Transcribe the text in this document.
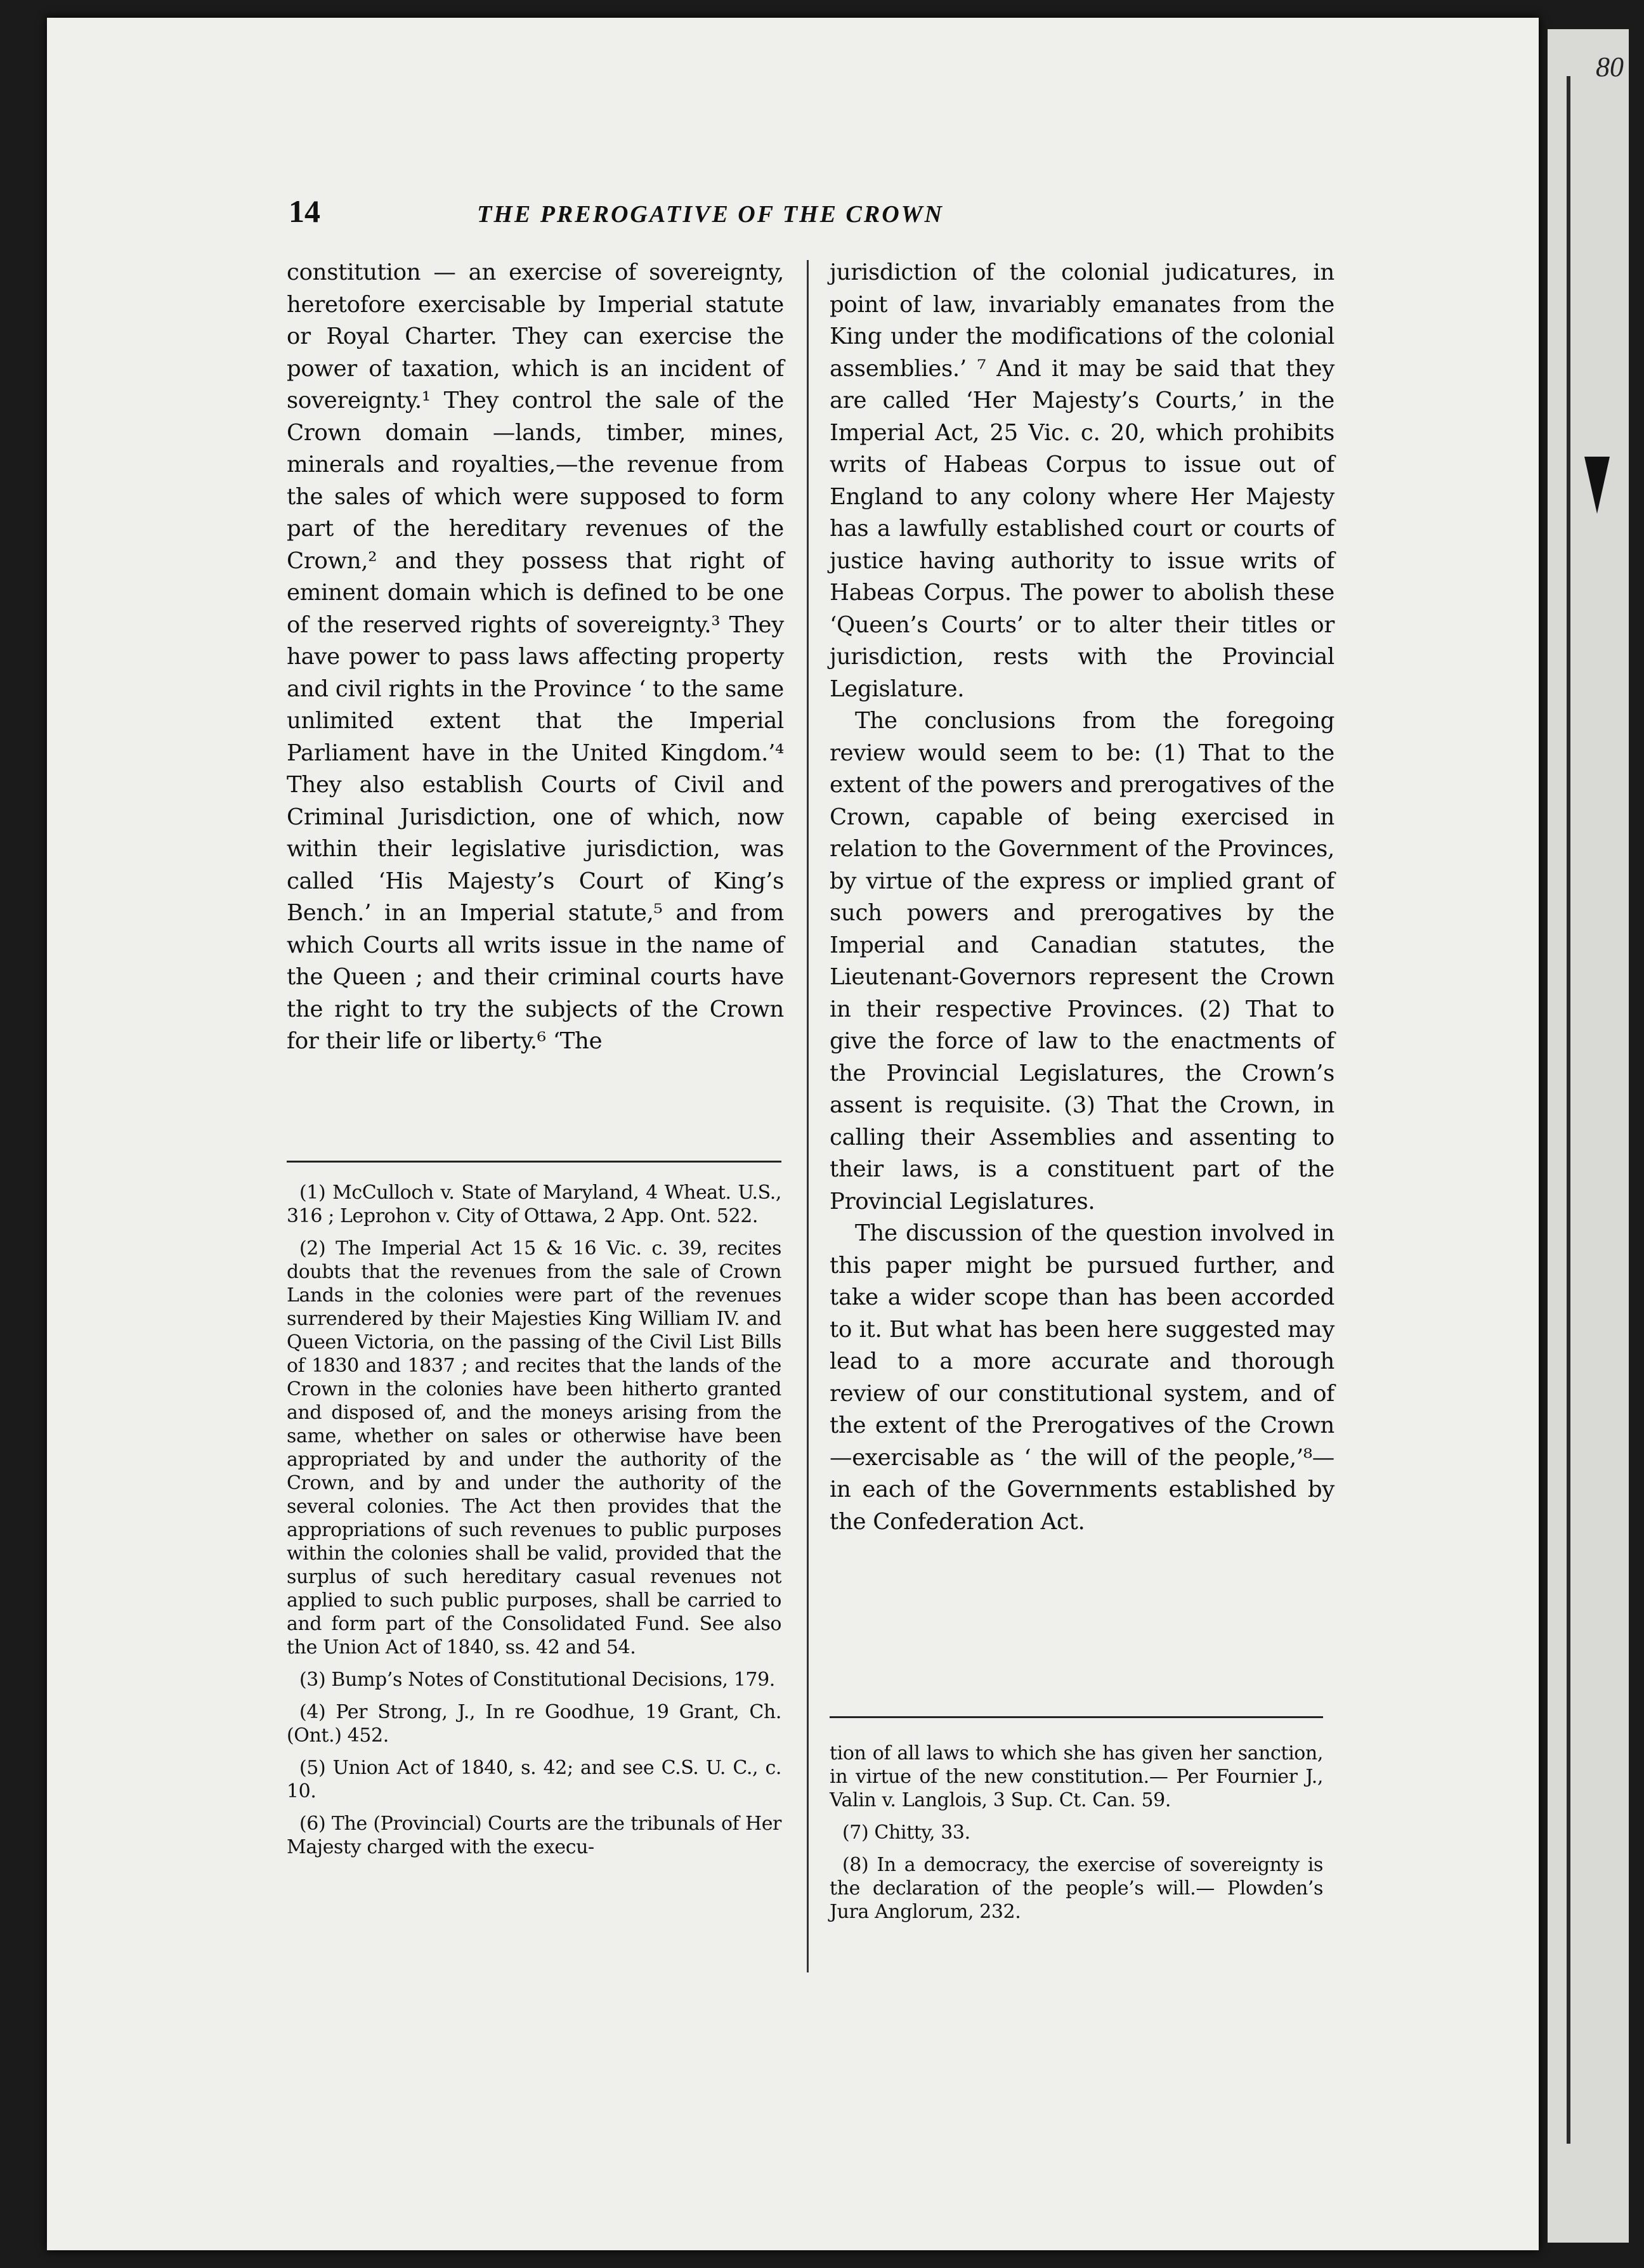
80
14	THE PREROGATIVE OF THE CROWN

constitution — an exercise of sovereignty, heretofore exercisable by Imperial statute or Royal Charter. They can exercise the power of taxation, which is an incident of sovereignty.¹ They control the sale of the Crown domain —lands, timber, mines, minerals and royalties,—the revenue from the sales of which were supposed to form part of the hereditary revenues of the Crown,² and they possess that right of eminent domain which is defined to be one of the reserved rights of sovereignty.³ They have power to pass laws affecting property and civil rights in the Province ‘ to the same unlimited extent that the Imperial Parliament have in the United Kingdom.’⁴ They also establish Courts of Civil and Criminal Jurisdiction, one of which, now within their legislative jurisdiction, was called ‘His Majesty’s Court of King’s Bench.’ in an Imperial statute,⁵ and from which Courts all writs issue in the name of the Queen ; and their criminal courts have the right to try the subjects of the Crown for their life or liberty.⁶ ‘The

jurisdiction of the colonial judicatures, in point of law, invariably emanates from the King under the modifications of the colonial assemblies.’ ⁷ And it may be said that they are called ‘Her Majesty’s Courts,’ in the Imperial Act, 25 Vic. c. 20, which prohibits writs of Habeas Corpus to issue out of England to any colony where Her Majesty has a lawfully established court or courts of justice having authority to issue writs of Habeas Corpus. The power to abolish these ‘Queen’s Courts’ or to alter their titles or jurisdiction, rests with the Provincial Legislature.

The conclusions from the foregoing review would seem to be: (1) That to the extent of the powers and prerogatives of the Crown, capable of being exercised in relation to the Government of the Provinces, by virtue of the express or implied grant of such powers and prerogatives by the Imperial and Canadian statutes, the Lieutenant-Governors represent the Crown in their respective Provinces. (2) That to give the force of law to the enactments of the Provincial Legislatures, the Crown’s assent is requisite. (3) That the Crown, in calling their Assemblies and assenting to their laws, is a constituent part of the Provincial Legislatures.

The discussion of the question involved in this paper might be pursued further, and take a wider scope than has been accorded to it. But what has been here suggested may lead to a more accurate and thorough review of our constitutional system, and of the extent of the Prerogatives of the Crown —exercisable as ‘ the will of the people,’⁸—in each of the Governments established by the Confederation Act.

(1) McCulloch v. State of Maryland, 4 Wheat. U.S., 316 ; Leprohon v. City of Ottawa, 2 App. Ont. 522.

(2) The Imperial Act 15 & 16 Vic. c. 39, recites doubts that the revenues from the sale of Crown Lands in the colonies were part of the revenues surrendered by their Majesties King William IV. and Queen Victoria, on the passing of the Civil List Bills of 1830 and 1837 ; and recites that the lands of the Crown in the colonies have been hitherto granted and disposed of, and the moneys arising from the same, whether on sales or otherwise have been appropriated by and under the authority of the Crown, and by and under the authority of the several colonies. The Act then provides that the appropriations of such revenues to public purposes within the colonies shall be valid, provided that the surplus of such hereditary casual revenues not applied to such public purposes, shall be carried to and form part of the Consolidated Fund. See also the Union Act of 1840, ss. 42 and 54.

(3) Bump’s Notes of Constitutional Decisions, 179.

(4) Per Strong, J., In re Goodhue, 19 Grant, Ch. (Ont.) 452.

(5) Union Act of 1840, s. 42; and see C.S. U. C., c. 10.

(6) The (Provincial) Courts are the tribunals of Her Majesty charged with the execu-

tion of all laws to which she has given her sanction, in virtue of the new constitution.— Per Fournier J., Valin v. Langlois, 3 Sup. Ct. Can. 59.

(7) Chitty, 33.

(8) In a democracy, the exercise of sovereignty is the declaration of the people’s will.— Plowden’s Jura Anglorum, 232.
